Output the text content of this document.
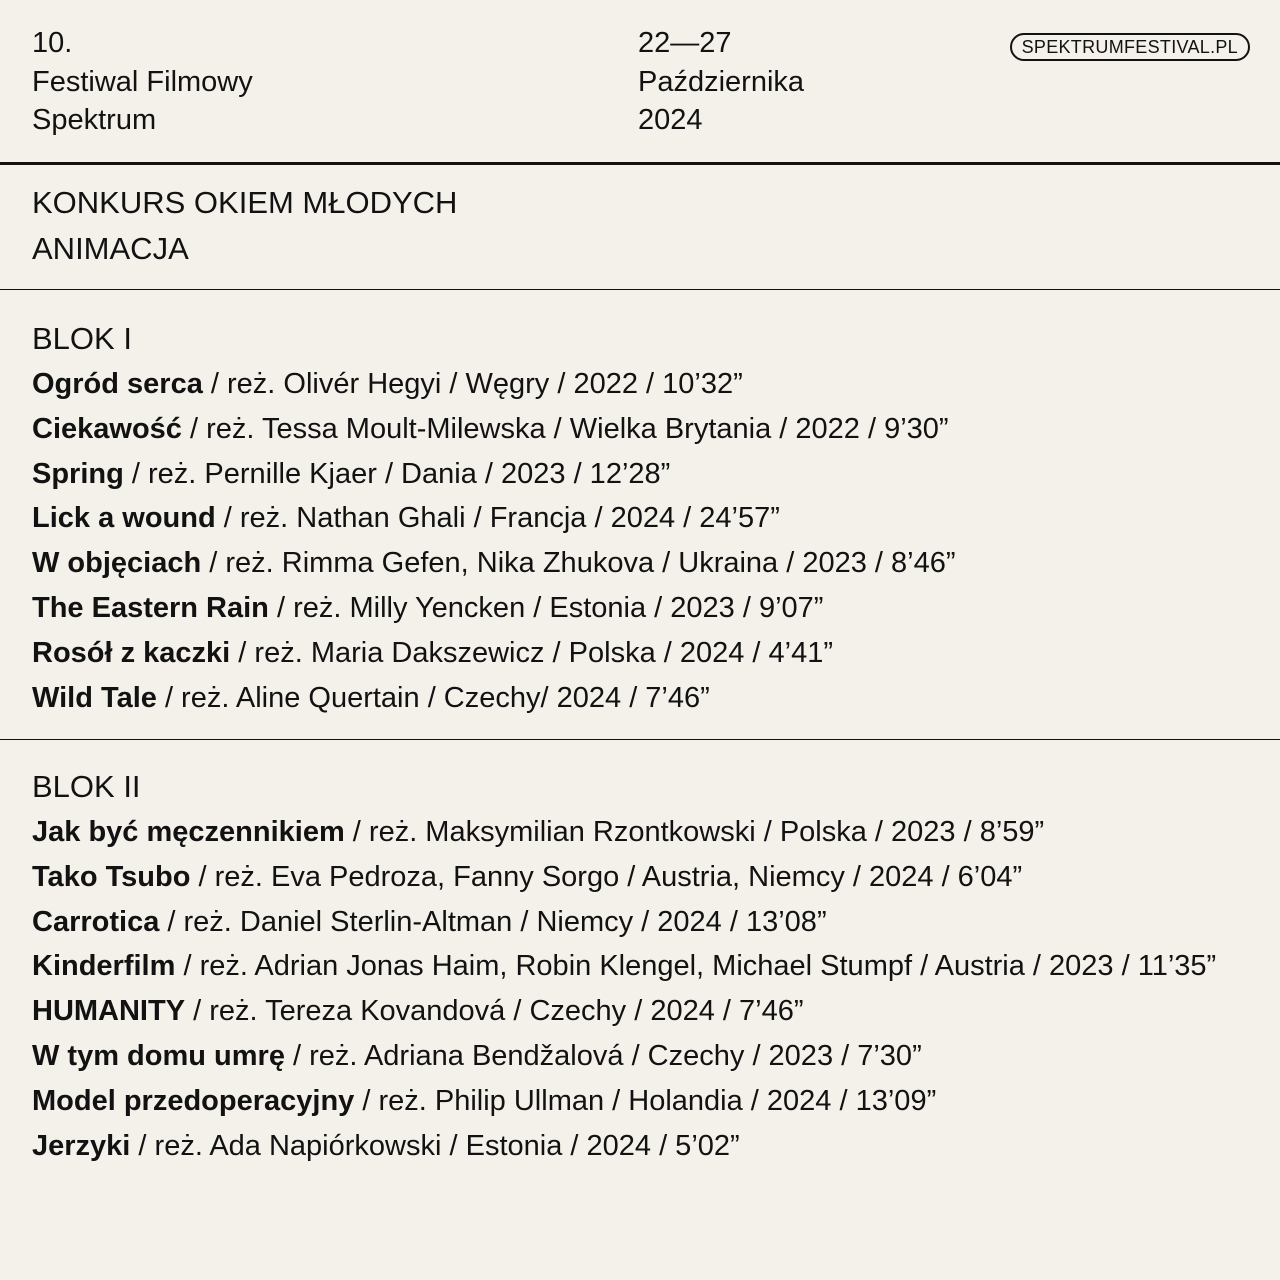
10.
Festiwal Filmowy
Spektrum
22—27
Października
2024
SPEKTRUMFESTIVAL.PL
KONKURS OKIEM MŁODYCH
ANIMACJA
BLOK I
Ogród serca / reż. Olivér Hegyi / Węgry / 2022 / 10’32”
Ciekawość / reż. Tessa Moult-Milewska / Wielka Brytania / 2022 / 9’30”
Spring / reż. Pernille Kjaer / Dania / 2023 / 12’28”
Lick a wound / reż. Nathan Ghali / Francja / 2024 / 24’57”
W objęciach / reż. Rimma Gefen, Nika Zhukova / Ukraina / 2023 / 8’46”
The Eastern Rain / reż. Milly Yencken / Estonia / 2023 / 9’07”
Rosół z kaczki / reż. Maria Dakszewicz / Polska / 2024 / 4’41”
Wild Tale / reż. Aline Quertain / Czechy/ 2024 / 7’46”
BLOK II
Jak być męczennikiem / reż. Maksymilian Rzontkowski / Polska / 2023 / 8’59”
Tako Tsubo / reż. Eva Pedroza, Fanny Sorgo / Austria, Niemcy / 2024 / 6’04”
Carrotica / reż. Daniel Sterlin-Altman / Niemcy / 2024 / 13’08”
Kinderfilm / reż. Adrian Jonas Haim, Robin Klengel, Michael Stumpf / Austria / 2023 / 11’35”
HUMANITY / reż. Tereza Kovandová / Czechy / 2024 / 7’46”
W tym domu umrę / reż. Adriana Bendžalová / Czechy / 2023 / 7’30”
Model przedoperacyjny / reż. Philip Ullman / Holandia / 2024 / 13’09”
Jerzyki / reż. Ada Napiórkowski / Estonia / 2024 / 5’02”
